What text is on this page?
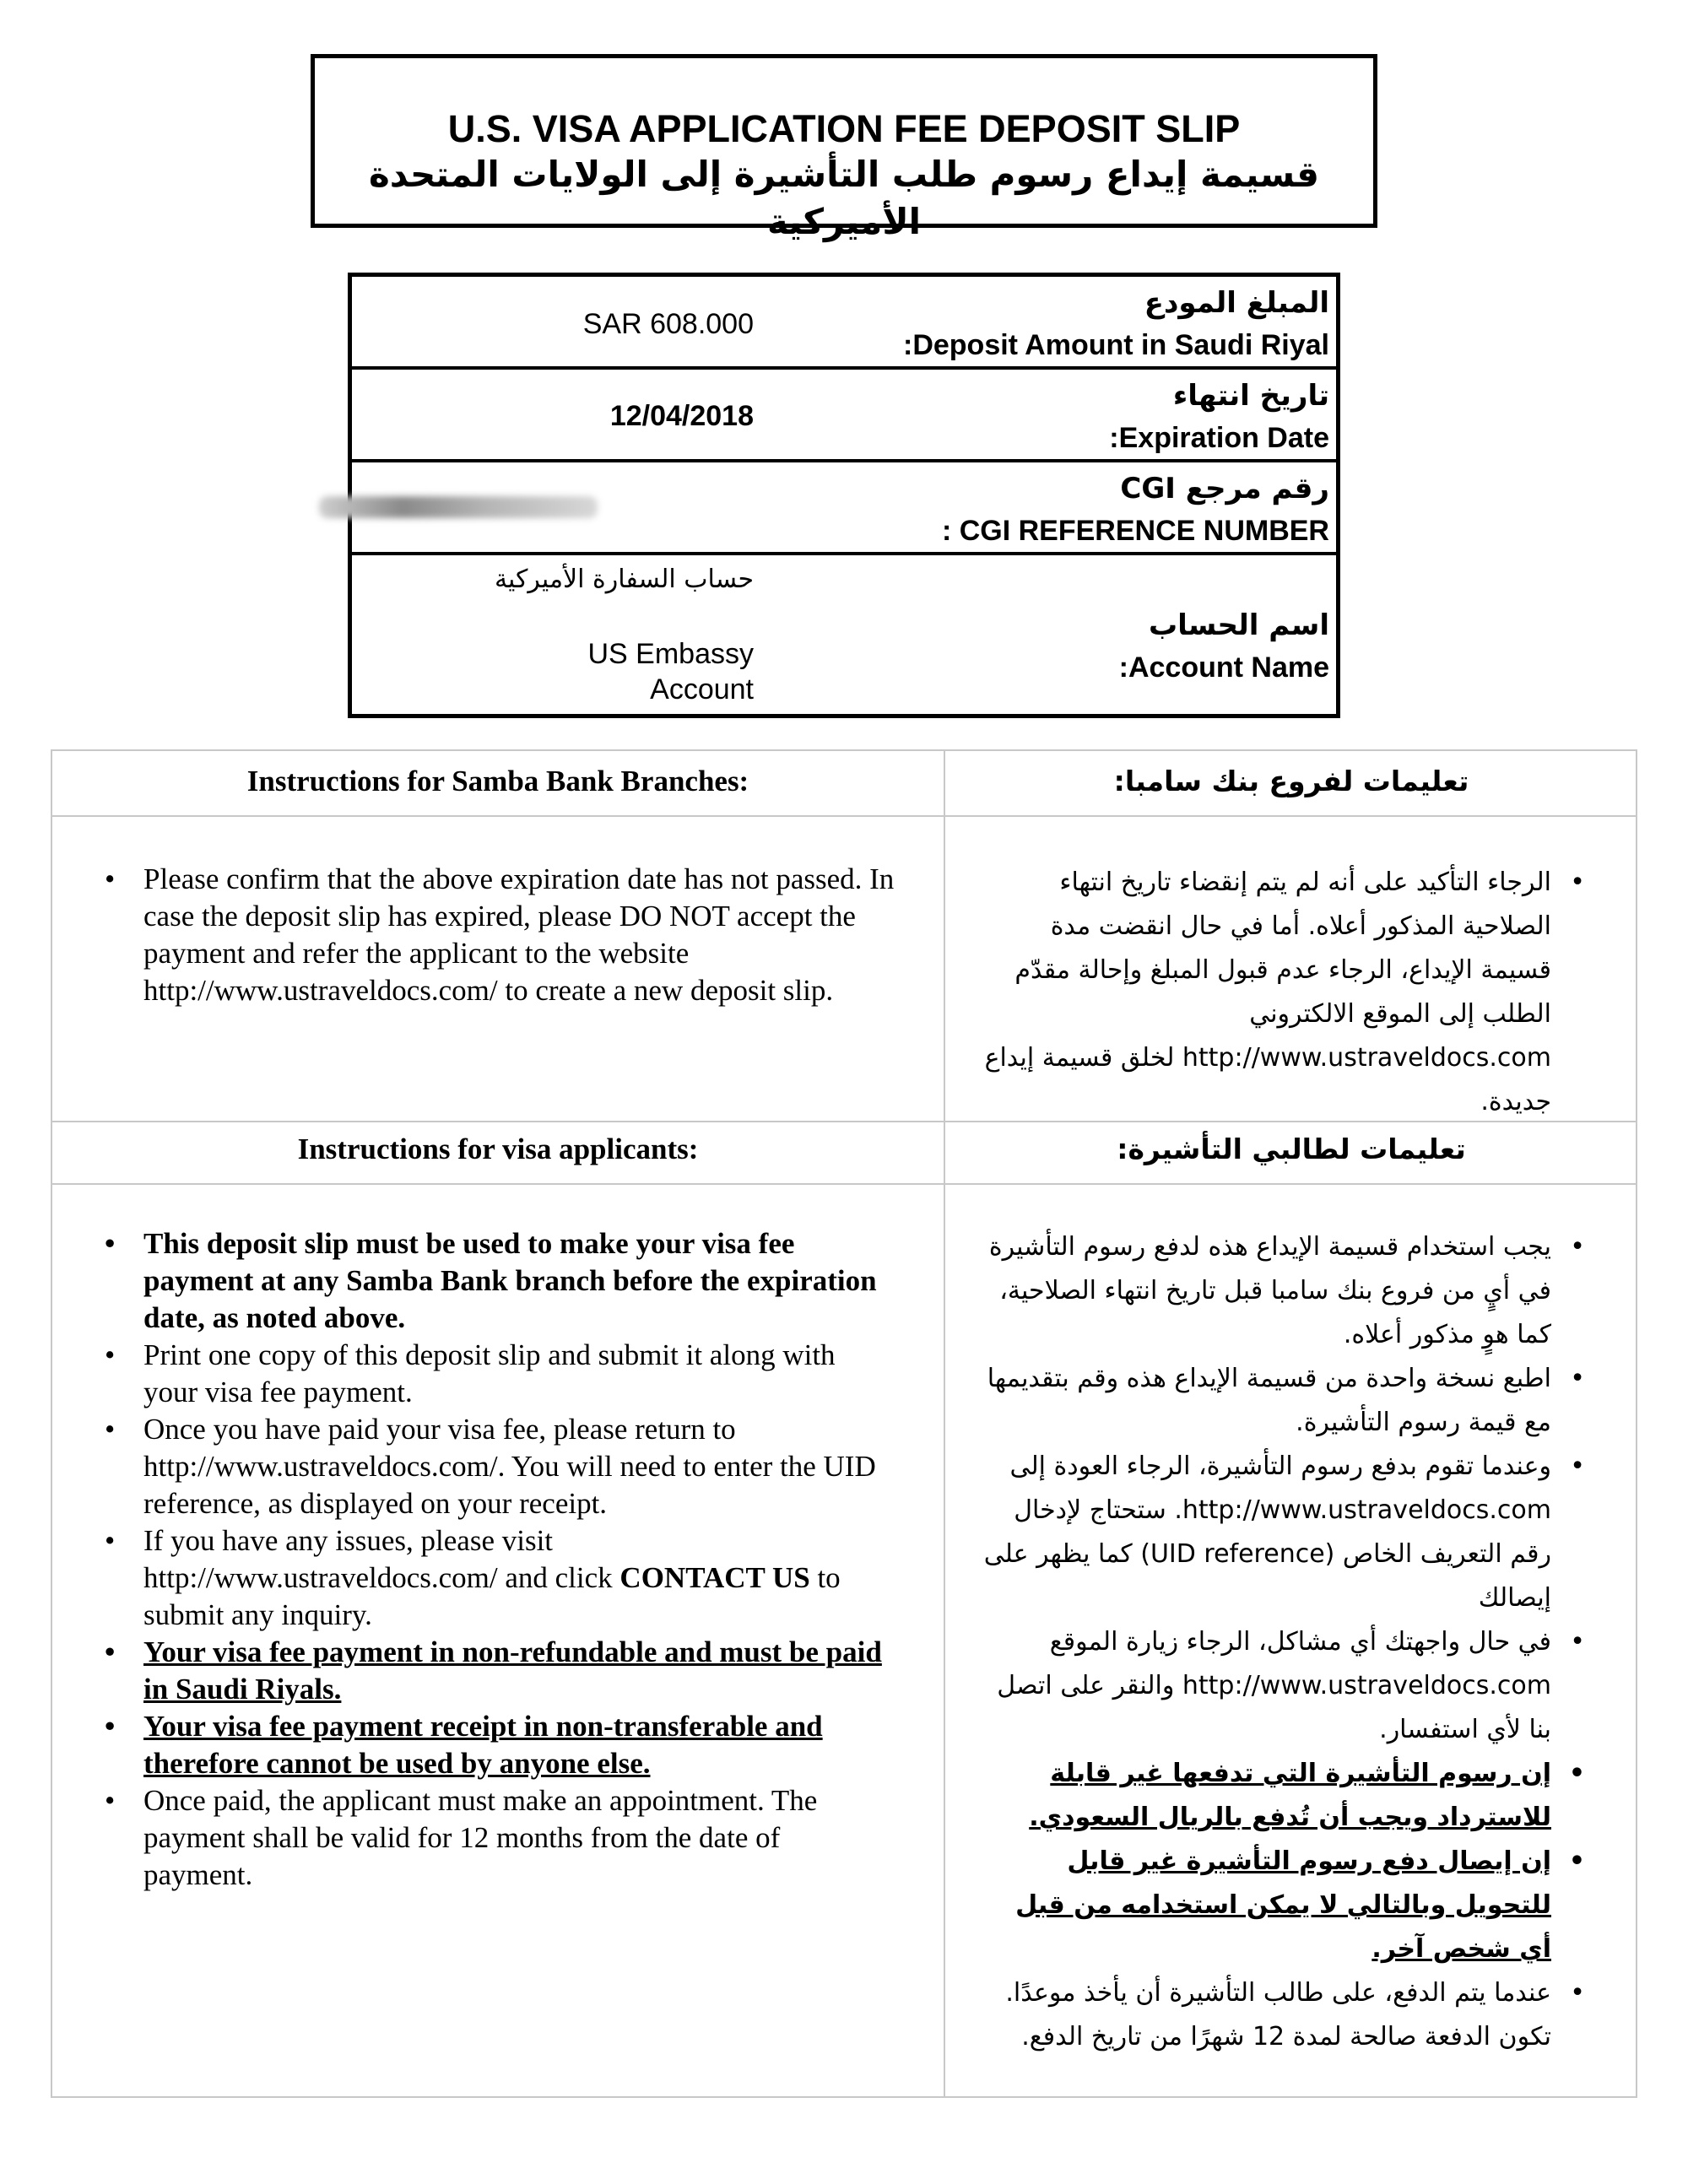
U.S. VISA APPLICATION FEE DEPOSIT SLIP
قسيمة إيداع رسوم طلب التأشيرة إلى الولايات المتحدة الأميركية
SAR 608.000
المبلغ المودع
:Deposit Amount in Saudi Riyal
12/04/2018
تاريخ انتهاء
:Expiration Date
رقم مرجع CGI
: CGI REFERENCE NUMBER
حساب السفارة الأميركية
US Embassy
Account
اسم الحساب
:Account Name
Instructions for Samba Bank Branches:	تعليمات لفروع بنك سامبا:
• Please confirm that the above expiration date has not passed. In case the deposit slip has expired, please DO NOT accept the payment and refer the applicant to the website http://www.ustraveldocs.com/ to create a new deposit slip.
• الرجاء التأكيد على أنه لم يتم إنقضاء تاريخ انتهاء الصلاحية المذكور أعلاه. أما في حال انقضت مدة قسيمة الإيداع، الرجاء عدم قبول المبلغ وإحالة مقدّم الطلب إلى الموقع الالكتروني http://www.ustraveldocs.com لخلق قسيمة إيداع جديدة.
Instructions for visa applicants:	تعليمات لطالبي التأشيرة:
• This deposit slip must be used to make your visa fee payment at any Samba Bank branch before the expiration date, as noted above.
• Print one copy of this deposit slip and submit it along with your visa fee payment.
• Once you have paid your visa fee, please return to http://www.ustraveldocs.com/. You will need to enter the UID reference, as displayed on your receipt.
• If you have any issues, please visit http://www.ustraveldocs.com/ and click CONTACT US to submit any inquiry.
• Your visa fee payment in non-refundable and must be paid in Saudi Riyals.
• Your visa fee payment receipt in non-transferable and therefore cannot be used by anyone else.
• Once paid, the applicant must make an appointment. The payment shall be valid for 12 months from the date of payment.
• يجب استخدام قسيمة الإيداع هذه لدفع رسوم التأشيرة في أيٍ من فروع بنك سامبا قبل تاريخ انتهاء الصلاحية، كما هوٍ مذكور أعلاه.
• اطبع نسخة واحدة من قسيمة الإيداع هذه وقم بتقديمها مع قيمة رسوم التأشيرة.
• وعندما تقوم بدفع رسوم التأشيرة، الرجاء العودة إلى http://www.ustraveldocs.com. ستحتاج لإدخال رقم التعريف الخاص (UID reference) كما يظهر على إيصالك
• في حال واجهتك أي مشاكل، الرجاء زيارة الموقع http://www.ustraveldocs.com والنقر على اتصل بنا لأي استفسار.
• إن رسوم التأشيرة التي تدفعها غير قابلة للاسترداد ويجب أن تُدفع بالريال السعودي.
• إن إيصال دفع رسوم التأشيرة غير قابل للتحويل وبالتالي لا يمكن استخدامه من قبل أي شخص آخر.
• عندما يتم الدفع، على طالب التأشيرة أن يأخذ موعدًا. تكون الدفعة صالحة لمدة 12 شهرًا من تاريخ الدفع.
